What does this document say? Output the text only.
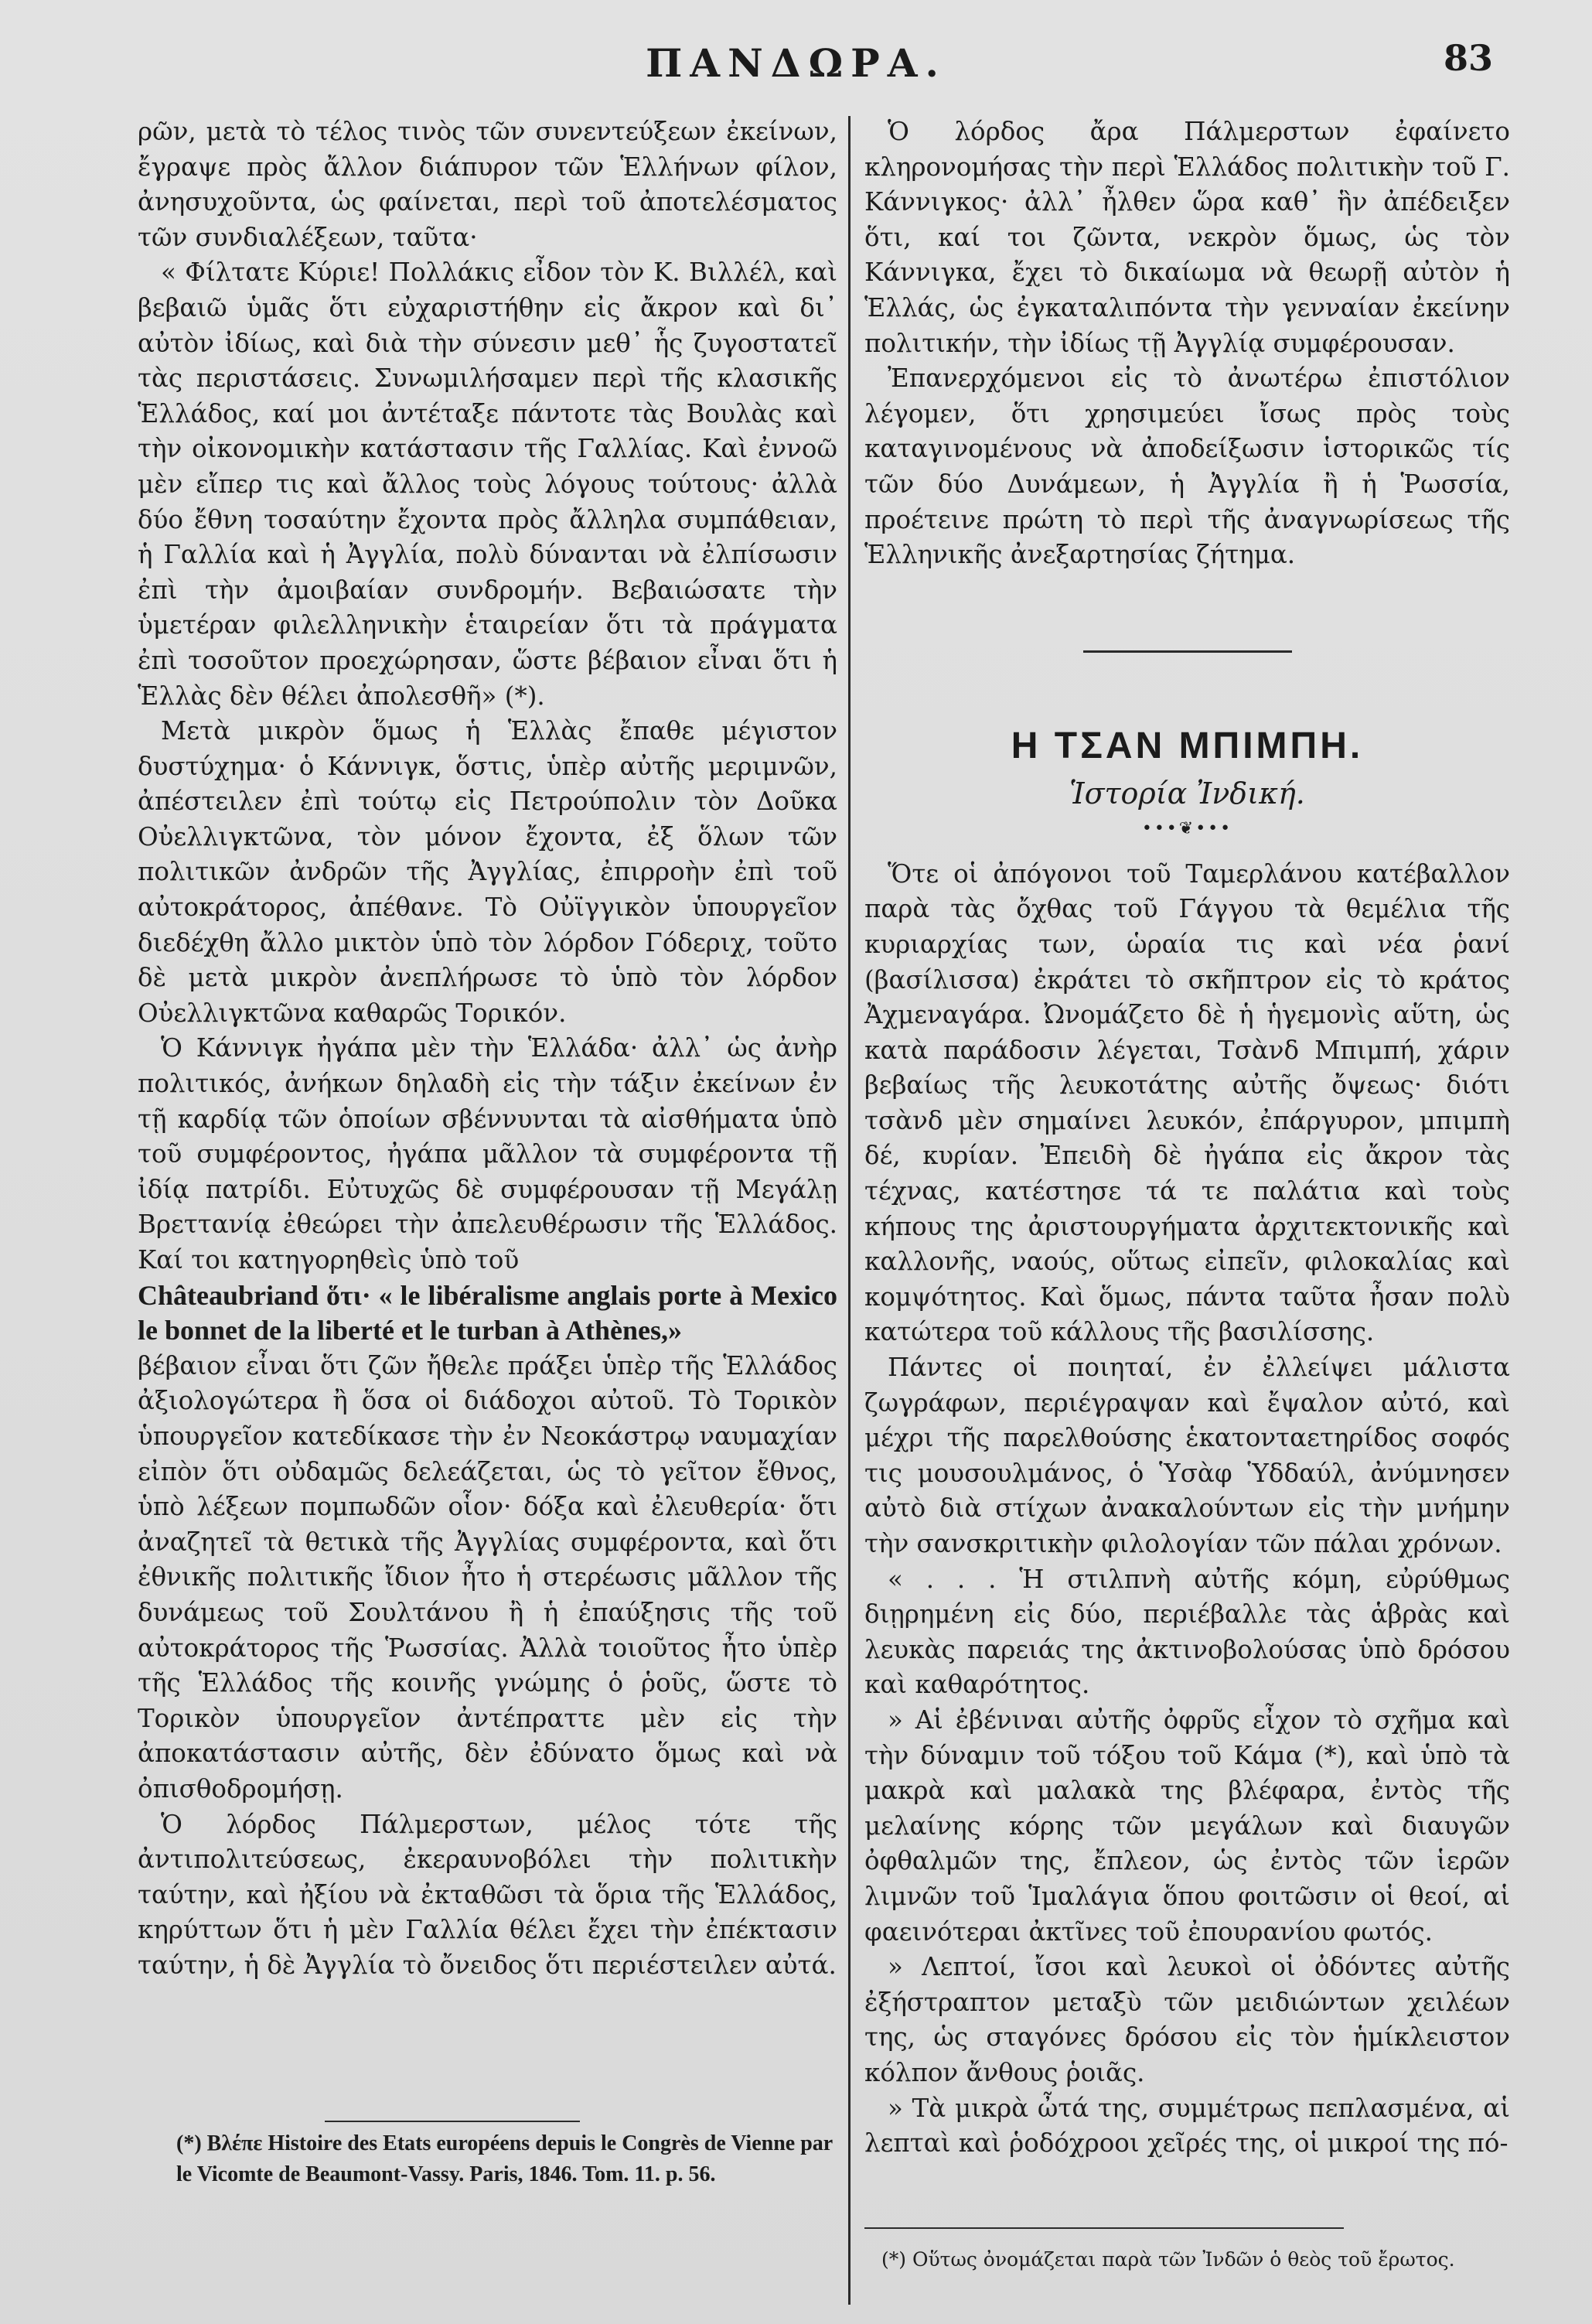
ΠΑΝΔΩΡΑ.	83

ρῶν, μετὰ τὸ τέλος τινὸς τῶν συνεντεύξεων ἐκείνων, ἔγραψε πρὸς ἄλλον διάπυρον τῶν Ἑλλήνων φίλον, ἀνησυχοῦντα, ὡς φαίνεται, περὶ τοῦ ἀποτελέσματος τῶν συνδιαλέξεων, ταῦτα·

« Φίλτατε Κύριε! Πολλάκις εἶδον τὸν Κ. Βιλλέλ, καὶ βεβαιῶ ὑμᾶς ὅτι εὐχαριστήθην εἰς ἄκρον καὶ δι᾽ αὐτὸν ἰδίως, καὶ διὰ τὴν σύνεσιν μεθ᾽ ἧς ζυγοστατεῖ τὰς περιστάσεις. Συνωμιλήσαμεν περὶ τῆς κλασικῆς Ἑλλάδος, καί μοι ἀντέταξε πάντοτε τὰς Βουλὰς καὶ τὴν οἰκονομικὴν κατάστασιν τῆς Γαλλίας. Καὶ ἐννοῶ μὲν εἴπερ τις καὶ ἄλλος τοὺς λόγους τούτους· ἀλλὰ δύο ἔθνη τοσαύτην ἔχοντα πρὸς ἄλληλα συμπάθειαν, ἡ Γαλλία καὶ ἡ Ἀγγλία, πολὺ δύνανται νὰ ἐλπίσωσιν ἐπὶ τὴν ἀμοιβαίαν συνδρομήν. Βεβαιώσατε τὴν ὑμετέραν φιλελληνικὴν ἑταιρείαν ὅτι τὰ πράγματα ἐπὶ τοσοῦτον προεχώρησαν, ὥστε βέβαιον εἶναι ὅτι ἡ Ἑλλὰς δὲν θέλει ἀπολεσθῆ» (*).

Μετὰ μικρὸν ὅμως ἡ Ἑλλὰς ἔπαθε μέγιστον δυστύχημα· ὁ Κάννιγκ, ὅστις, ὑπὲρ αὐτῆς μεριμνῶν, ἀπέστειλεν ἐπὶ τούτῳ εἰς Πετρούπολιν τὸν Δοῦκα Οὐελλιγκτῶνα, τὸν μόνον ἔχοντα, ἐξ ὅλων τῶν πολιτικῶν ἀνδρῶν τῆς Ἀγγλίας, ἐπιρροὴν ἐπὶ τοῦ αὐτοκράτορος, ἀπέθανε. Τὸ Οὐϊγγικὸν ὑπουργεῖον διεδέχθη ἄλλο μικτὸν ὑπὸ τὸν λόρδον Γόδεριχ, τοῦτο δὲ μετὰ μικρὸν ἀνεπλήρωσε τὸ ὑπὸ τὸν λόρδον Οὐελλιγκτῶνα καθαρῶς Τορικόν.

Ὁ Κάννιγκ ἠγάπα μὲν τὴν Ἑλλάδα· ἀλλ᾽ ὡς ἀνὴρ πολιτικός, ἀνήκων δηλαδὴ εἰς τὴν τάξιν ἐκείνων ἐν τῇ καρδίᾳ τῶν ὁποίων σβέννυνται τὰ αἰσθήματα ὑπὸ τοῦ συμφέροντος, ἠγάπα μᾶλλον τὰ συμφέροντα τῇ ἰδίᾳ πατρίδι. Εὐτυχῶς δὲ συμφέρουσαν τῇ Μεγάλῃ Βρεττανίᾳ ἐθεώρει τὴν ἀπελευθέρωσιν τῆς Ἑλλάδος. Καί τοι κατηγορηθεὶς ὑπὸ τοῦ

Châteaubriand ὅτι· « le libéralisme anglais porte à Mexico le bonnet de la liberté et le turban à Athènes,»

βέβαιον εἶναι ὅτι ζῶν ἤθελε πράξει ὑπὲρ τῆς Ἑλλάδος ἀξιολογώτερα ἢ ὅσα οἱ διάδοχοι αὐτοῦ. Τὸ Τορικὸν ὑπουργεῖον κατεδίκασε τὴν ἐν Νεοκάστρῳ ναυμαχίαν εἰπὸν ὅτι οὐδαμῶς δελεάζεται, ὡς τὸ γεῖτον ἔθνος, ὑπὸ λέξεων πομπωδῶν οἷον· δόξα καὶ ἐλευθερία· ὅτι ἀναζητεῖ τὰ θετικὰ τῆς Ἀγγλίας συμφέροντα, καὶ ὅτι ἐθνικῆς πολιτικῆς ἴδιον ἦτο ἡ στερέωσις μᾶλλον τῆς δυνάμεως τοῦ Σουλτάνου ἢ ἡ ἐπαύξησις τῆς τοῦ αὐτοκράτορος τῆς Ῥωσσίας. Ἀλλὰ τοιοῦτος ἦτο ὑπὲρ τῆς Ἑλλάδος τῆς κοινῆς γνώμης ὁ ῥοῦς, ὥστε τὸ Τορικὸν ὑπουργεῖον ἀντέπραττε μὲν εἰς τὴν ἀποκατάστασιν αὐτῆς, δὲν ἐδύνατο ὅμως καὶ νὰ ὀπισθοδρομήσῃ.

Ὁ λόρδος Πάλμερστων, μέλος τότε τῆς ἀντιπολιτεύσεως, ἐκεραυνοβόλει τὴν πολιτικὴν ταύτην, καὶ ἠξίου νὰ ἐκταθῶσι τὰ ὅρια τῆς Ἑλλάδος, κηρύττων ὅτι ἡ μὲν Γαλλία θέλει ἔχει τὴν ἐπέκτασιν ταύτην, ἡ δὲ Ἀγγλία τὸ ὄνειδος ὅτι περιέστειλεν αὐτά.

(*) Βλέπε Histoire des Etats européens depuis le Congrès de Vienne par le Vicomte de Beaumont-Vassy. Paris, 1846. Tom. 11. p. 56.

Ὁ λόρδος ἄρα Πάλμερστων ἐφαίνετο κληρονομήσας τὴν περὶ Ἑλλάδος πολιτικὴν τοῦ Γ. Κάννιγκος· ἀλλ᾽ ἦλθεν ὥρα καθ᾽ ἣν ἀπέδειξεν ὅτι, καί τοι ζῶντα, νεκρὸν ὅμως, ὡς τὸν Κάννιγκα, ἔχει τὸ δικαίωμα νὰ θεωρῇ αὐτὸν ἡ Ἑλλάς, ὡς ἐγκαταλιπόντα τὴν γενναίαν ἐκείνην πολιτικήν, τὴν ἰδίως τῇ Ἀγγλίᾳ συμφέρουσαν.

Ἐπανερχόμενοι εἰς τὸ ἀνωτέρω ἐπιστόλιον λέγομεν, ὅτι χρησιμεύει ἴσως πρὸς τοὺς καταγινομένους νὰ ἀποδείξωσιν ἱστορικῶς τίς τῶν δύο Δυνάμεων, ἡ Ἀγγλία ἢ ἡ Ῥωσσία, προέτεινε πρώτη τὸ περὶ τῆς ἀναγνωρίσεως τῆς Ἑλληνικῆς ἀνεξαρτησίας ζήτημα.

Η ΤΣΑΝ ΜΠΙΜΠΗ.
Ἱστορία Ἰνδική.
•••❦•••

Ὅτε οἱ ἀπόγονοι τοῦ Ταμερλάνου κατέβαλλον παρὰ τὰς ὄχθας τοῦ Γάγγου τὰ θεμέλια τῆς κυριαρχίας των, ὡραία τις καὶ νέα ῥανί (βασίλισσα) ἐκράτει τὸ σκῆπτρον εἰς τὸ κράτος Ἀχμεναγάρα. Ὠνομάζετο δὲ ἡ ἡγεμονὶς αὕτη, ὡς κατὰ παράδοσιν λέγεται, Τσὰνδ Μπιμπή, χάριν βεβαίως τῆς λευκοτάτης αὐτῆς ὄψεως· διότι τσὰνδ μὲν σημαίνει λευκόν, ἐπάργυρον, μπιμπὴ δέ, κυρίαν. Ἐπειδὴ δὲ ἠγάπα εἰς ἄκρον τὰς τέχνας, κατέστησε τά τε παλάτια καὶ τοὺς κήπους της ἀριστουργήματα ἀρχιτεκτονικῆς καὶ καλλονῆς, ναούς, οὕτως εἰπεῖν, φιλοκαλίας καὶ κομψότητος. Καὶ ὅμως, πάντα ταῦτα ἦσαν πολὺ κατώτερα τοῦ κάλλους τῆς βασιλίσσης.

Πάντες οἱ ποιηταί, ἐν ἐλλείψει μάλιστα ζωγράφων, περιέγραψαν καὶ ἔψαλον αὐτό, καὶ μέχρι τῆς παρελθούσης ἑκατονταετηρίδος σοφός τις μουσουλμάνος, ὁ Ὑσὰφ Ὑδδαύλ, ἀνύμνησεν αὐτὸ διὰ στίχων ἀνακαλούντων εἰς τὴν μνήμην τὴν σανσκριτικὴν φιλολογίαν τῶν πάλαι χρόνων.

« . . . Ἡ στιλπνὴ αὐτῆς κόμη, εὐρύθμως διῃρημένη εἰς δύο, περιέβαλλε τὰς ἁβρὰς καὶ λευκὰς παρειάς της ἀκτινοβολούσας ὑπὸ δρόσου καὶ καθαρότητος.

» Αἱ ἐβένιναι αὐτῆς ὀφρῦς εἶχον τὸ σχῆμα καὶ τὴν δύναμιν τοῦ τόξου τοῦ Κάμα (*), καὶ ὑπὸ τὰ μακρὰ καὶ μαλακὰ της βλέφαρα, ἐντὸς τῆς μελαίνης κόρης τῶν μεγάλων καὶ διαυγῶν ὀφθαλμῶν της, ἔπλεον, ὡς ἐντὸς τῶν ἱερῶν λιμνῶν τοῦ Ἱμαλάγια ὅπου φοιτῶσιν οἱ θεοί, αἱ φαεινότεραι ἀκτῖνες τοῦ ἐπουρανίου φωτός.

» Λεπτοί, ἴσοι καὶ λευκοὶ οἱ ὀδόντες αὐτῆς ἐξήστραπτον μεταξὺ τῶν μειδιώντων χειλέων της, ὡς σταγόνες δρόσου εἰς τὸν ἡμίκλειστον κόλπον ἄνθους ῥοιᾶς.

» Τὰ μικρὰ ὦτά της, συμμέτρως πεπλασμένα, αἱ λεπταὶ καὶ ῥοδόχροοι χεῖρές της, οἱ μικροί της πό-

(*) Οὕτως ὀνομάζεται παρὰ τῶν Ἰνδῶν ὁ θεὸς τοῦ ἔρωτος.
